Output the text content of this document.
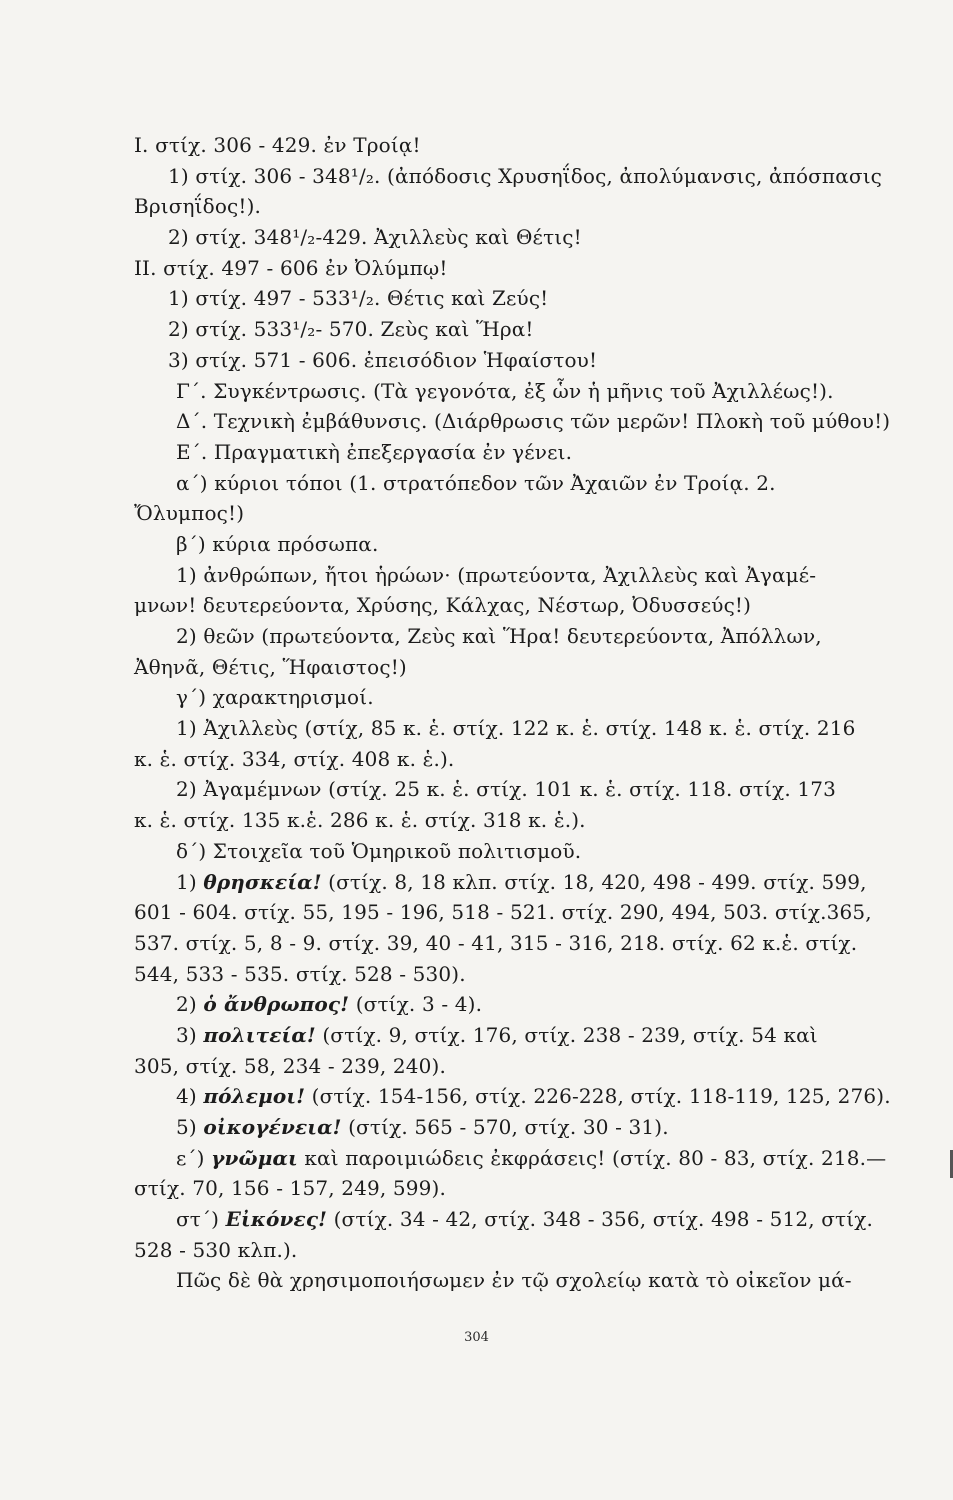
Ι. στίχ. 306 - 429. ἐν Τροίᾳ!
1) στίχ. 306 - 348¹/₂. (ἀπόδοσις Χρυσηΐδος, ἀπολύμανσις, ἀπόσπασις
Βρισηΐδος!).
2) στίχ. 348¹/₂-429. Ἀχιλλεὺς καὶ Θέτις!
ΙΙ. στίχ. 497 - 606 ἐν Ὀλύμπῳ!
1) στίχ. 497 - 533¹/₂. Θέτις καὶ Ζεύς!
2) στίχ. 533¹/₂- 570. Ζεὺς καὶ Ἥρα!
3) στίχ. 571 - 606. ἐπεισόδιον Ἡφαίστου!
Γ΄. Συγκέντρωσις. (Τὰ γεγονότα, ἐξ ὧν ἡ μῆνις τοῦ Ἀχιλλέως!).
Δ΄. Τεχνικὴ ἐμβάθυνσις. (Διάρθρωσις τῶν μερῶν! Πλοκὴ τοῦ μύθου!)
Ε΄. Πραγματικὴ ἐπεξεργασία ἐν γένει.
α΄) κύριοι τόποι (1. στρατόπεδον τῶν Ἀχαιῶν ἐν Τροίᾳ. 2.
Ὄλυμπος!)
β΄) κύρια πρόσωπα.
1) ἀνθρώπων, ἤτοι ἡρώων· (πρωτεύοντα, Ἀχιλλεὺς καὶ Ἀγαμέ-
μνων! δευτερεύοντα, Χρύσης, Κάλχας, Νέστωρ, Ὀδυσσεύς!)
2) θεῶν (πρωτεύοντα, Ζεὺς καὶ Ἥρα! δευτερεύοντα, Ἀπόλλων,
Ἀθηνᾶ, Θέτις, Ἥφαιστος!)
γ΄) χαρακτηρισμοί.
1) Ἀχιλλεὺς (στίχ, 85 κ. ἑ. στίχ. 122 κ. ἑ. στίχ. 148 κ. ἑ. στίχ. 216
κ. ἑ. στίχ. 334, στίχ. 408 κ. ἑ.).
2) Ἀγαμέμνων (στίχ. 25 κ. ἑ. στίχ. 101 κ. ἑ. στίχ. 118. στίχ. 173
κ. ἑ. στίχ. 135 κ.ἑ. 286 κ. ἑ. στίχ. 318 κ. ἑ.).
δ΄) Στοιχεῖα τοῦ Ὁμηρικοῦ πολιτισμοῦ.
1) θρησκεία! (στίχ. 8, 18 κλπ. στίχ. 18, 420, 498 - 499. στίχ. 599,
601 - 604. στίχ. 55, 195 - 196, 518 - 521. στίχ. 290, 494, 503. στίχ.365,
537. στίχ. 5, 8 - 9. στίχ. 39, 40 - 41, 315 - 316, 218. στίχ. 62 κ.ἑ. στίχ.
544, 533 - 535. στίχ. 528 - 530).
2) ὁ ἄνθρωπος! (στίχ. 3 - 4).
3) πολιτεία! (στίχ. 9, στίχ. 176, στίχ. 238 - 239, στίχ. 54 καὶ
305, στίχ. 58, 234 - 239, 240).
4) πόλεμοι! (στίχ. 154-156, στίχ. 226-228, στίχ. 118-119, 125, 276).
5) οἰκογένεια! (στίχ. 565 - 570, στίχ. 30 - 31).
ε΄) γνῶμαι καὶ παροιμιώδεις ἐκφράσεις! (στίχ. 80 - 83, στίχ. 218.—
στίχ. 70, 156 - 157, 249, 599).
στ΄) Εἰκόνες! (στίχ. 34 - 42, στίχ. 348 - 356, στίχ. 498 - 512, στίχ.
528 - 530 κλπ.).
Πῶς δὲ θὰ χρησιμοποιήσωμεν ἐν τῷ σχολείῳ κατὰ τὸ οἰκεῖον μά-
304
